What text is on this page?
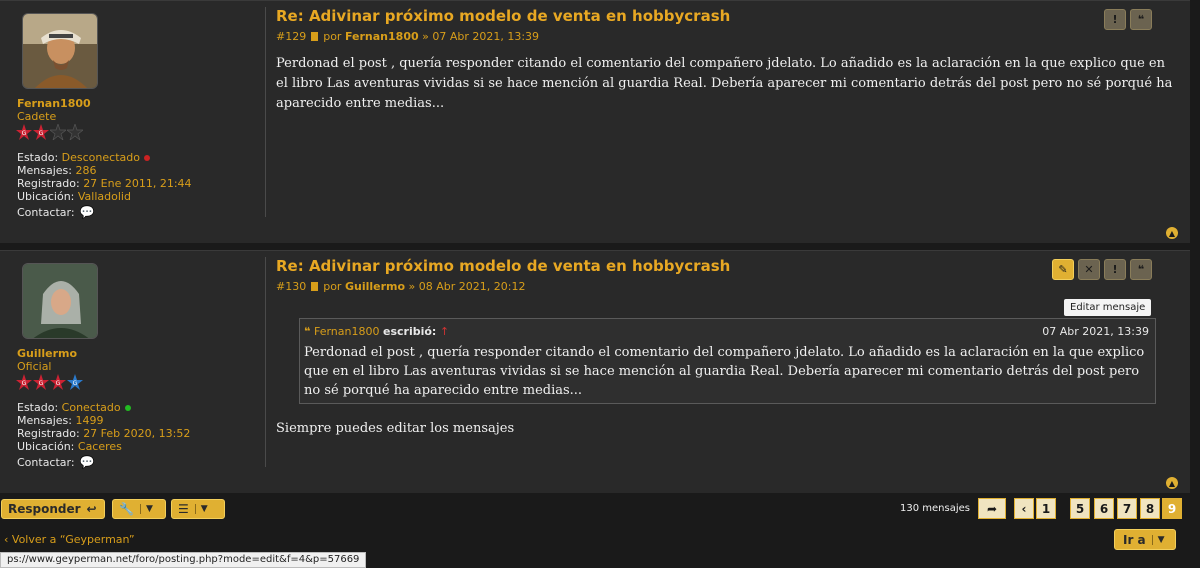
Fernan1800
Cadete
G G
Estado: Desconectado
Mensajes: 286
Registrado: 27 Ene 2011, 21:44
Ubicación: Valladolid
Contactar: 💬
Re: Adivinar próximo modelo de venta en hobbycrash
#129 por Fernan1800 » 07 Abr 2021, 13:39
Perdonad el post , quería responder citando el comentario del compañero jdelato. Lo añadido es la aclaración en la que explico que en el libro Las aventuras vividas si se hace mención al guardia Real. Debería aparecer mi comentario detrás del post pero no sé porqué ha aparecido entre medias...
!	❝
▲
Guillermo
Oficial
G G G G
Estado: Conectado
Mensajes: 1499
Registrado: 27 Feb 2020, 13:52
Ubicación: Caceres
Contactar: 💬
Re: Adivinar próximo modelo de venta en hobbycrash
#130 por Guillermo » 08 Abr 2021, 20:12
Siempre puedes editar los mensajes
✎	✕	!	❝
▲
❝ Fernan1800 escribió: ↑	07 Abr 2021, 13:39
Perdonad el post , quería responder citando el comentario del compañero jdelato. Lo añadido es la aclaración en la que explico que en el libro Las aventuras vividas si se hace mención al guardia Real. Debería aparecer mi comentario detrás del post pero no sé porqué ha aparecido entre medias...
Editar mensaje
Responder ↩ 🔧	▼ ☰	▼	130 mensajes	➦	‹	1	5	6	7	8	9
‹ Volver a “Geyperman”	Ir a	▼
ps://www.geyperman.net/foro/posting.php?mode=edit&f=4&p=57669
